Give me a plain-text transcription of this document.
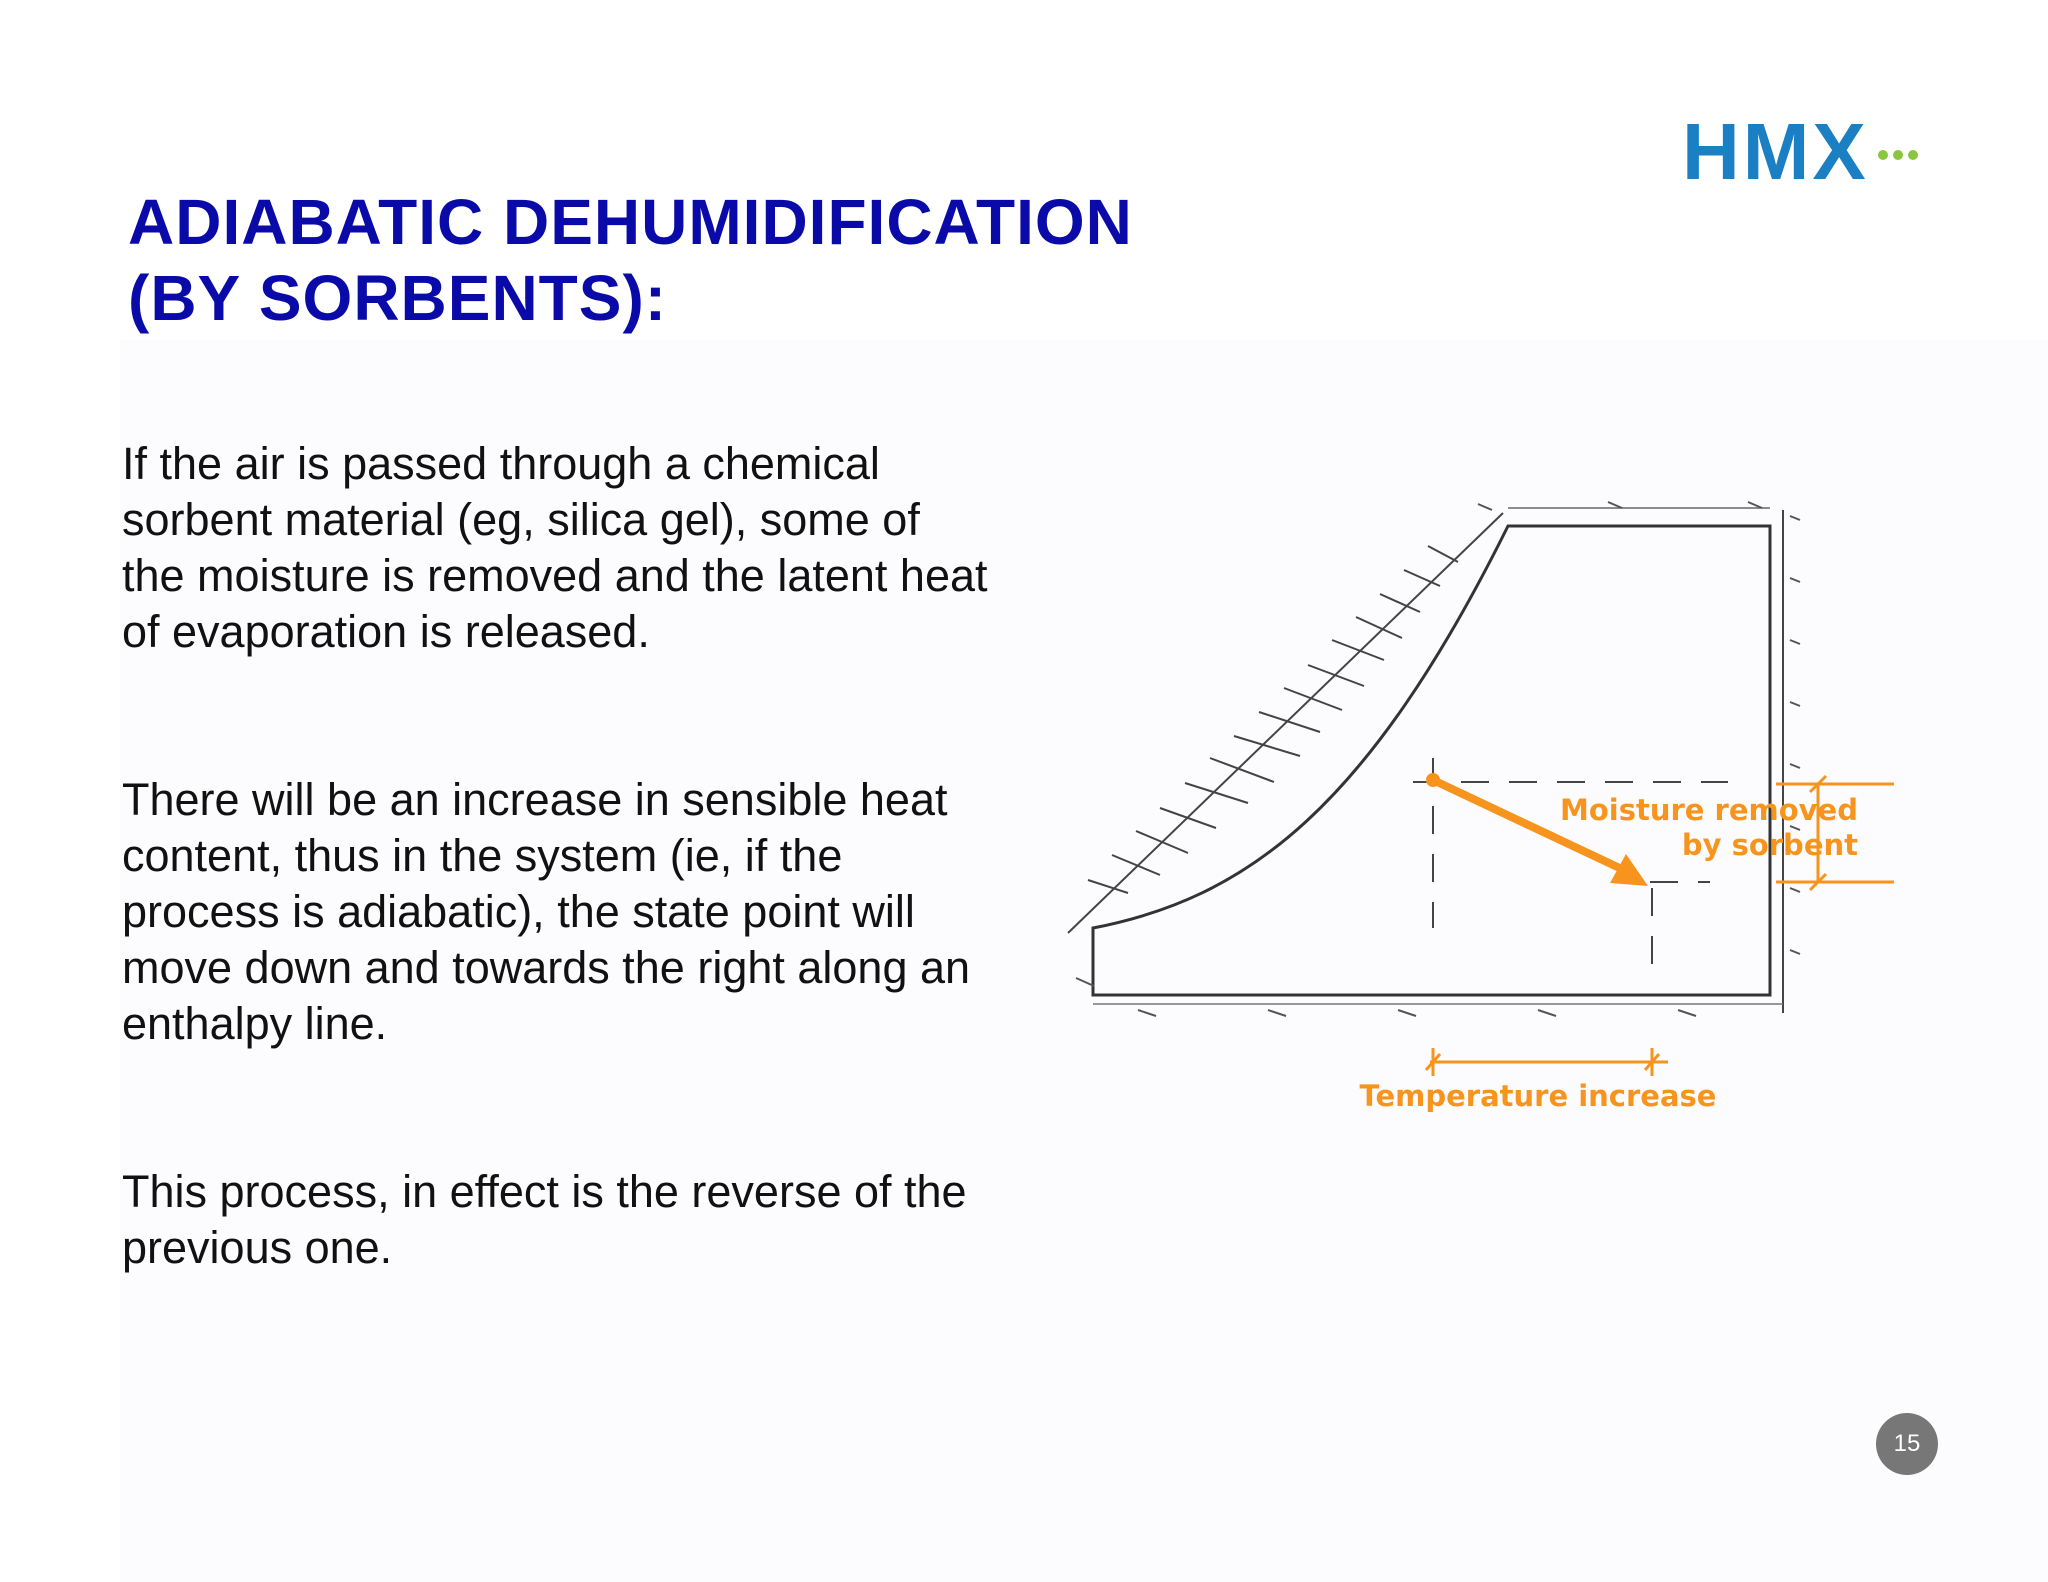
HMX
ADIABATIC DEHUMIDIFICATION
(BY SORBENTS):
If the air is passed through a chemical
sorbent material (eg, silica gel), some of
the moisture is removed and the latent heat
of evaporation is released.
There will be an increase in sensible heat
content, thus in the system (ie, if the
process is adiabatic), the state point will
move down and towards the right along an
enthalpy line.
This process, in effect is the reverse of the
previous one.
Moisture removed
by sorbent
Temperature increase
15
